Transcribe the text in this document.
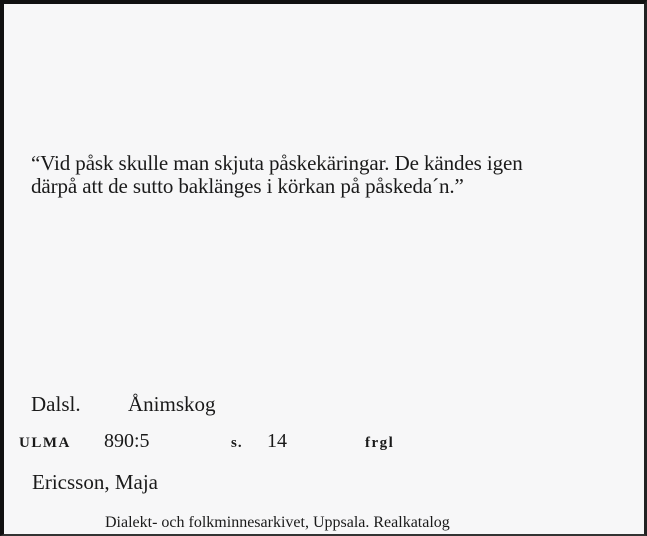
“Vid påsk skulle man skjuta påskekäringar. De kändes igen
därpå att de sutto baklänges i körkan på påskeda´n.”
Dalsl. Ånimskog
ULMA 890:5	s. 14	frgl
Ericsson, Maja
Dialekt- och folkminnesarkivet, Uppsala. Realkatalog
